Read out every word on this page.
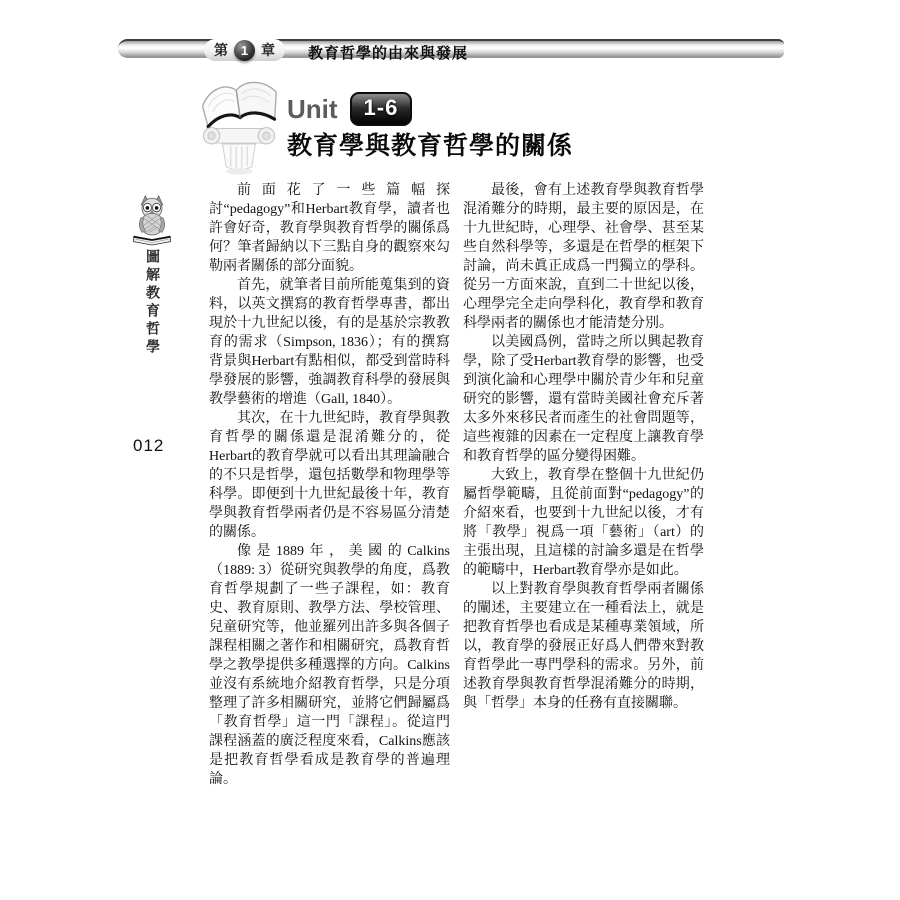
第 1 章 教育哲學的由來與發展
Unit	1-6
教育學與教育哲學的關係
圖解教育哲學
012

前面花了一些篇幅探討“pedagogy”和Herbart教育學，讀者也許會好奇，教育學與教育哲學的關係爲何？筆者歸納以下三點自身的觀察來勾勒兩者關係的部分面貌。

首先，就筆者目前所能蒐集到的資料，以英文撰寫的教育哲學專書，都出現於十九世紀以後，有的是基於宗教教育的需求（Simpson, 1836）；有的撰寫背景與Herbart有點相似，都受到當時科學發展的影響，強調教育科學的發展與教學藝術的增進（Gall, 1840）。

其次，在十九世紀時，教育學與教育哲學的關係還是混淆難分的，從Herbart的教育學就可以看出其理論融合的不只是哲學，還包括數學和物理學等科學。即便到十九世紀最後十年，教育學與教育哲學兩者仍是不容易區分清楚的關係。

像是1889年，美國的Calkins（1889: 3）從研究與教學的角度，爲教育哲學規劃了一些子課程，如：教育史、教育原則、教學方法、學校管理、兒童研究等，他並羅列出許多與各個子課程相關之著作和相關研究，爲教育哲學之教學提供多種選擇的方向。Calkins並沒有系統地介紹教育哲學，只是分項整理了許多相關研究，並將它們歸屬爲「教育哲學」這一門「課程」。從這門課程涵蓋的廣泛程度來看，Calkins應該是把教育哲學看成是教育學的普遍理論。

最後，會有上述教育學與教育哲學混淆難分的時期，最主要的原因是，在十九世紀時，心理學、社會學、甚至某些自然科學等，多還是在哲學的框架下討論，尚未眞正成爲一門獨立的學科。從另一方面來說，直到二十世紀以後，心理學完全走向學科化，教育學和教育科學兩者的關係也才能清楚分別。

以美國爲例，當時之所以興起教育學，除了受Herbart教育學的影響，也受到演化論和心理學中關於青少年和兒童研究的影響，還有當時美國社會充斥著太多外來移民者而產生的社會問題等，這些複雜的因素在一定程度上讓教育學和教育哲學的區分變得困難。

大致上，教育學在整個十九世紀仍屬哲學範疇，且從前面對“pedagogy”的介紹來看，也要到十九世紀以後，才有將「教學」視爲一項「藝術」（art）的主張出現，且這樣的討論多還是在哲學的範疇中，Herbart教育學亦是如此。

以上對教育學與教育哲學兩者關係的闡述，主要建立在一種看法上，就是把教育哲學也看成是某種專業領域，所以，教育學的發展正好爲人們帶來對教育哲學此一專門學科的需求。另外，前述教育學與教育哲學混淆難分的時期，與「哲學」本身的任務有直接關聯。
